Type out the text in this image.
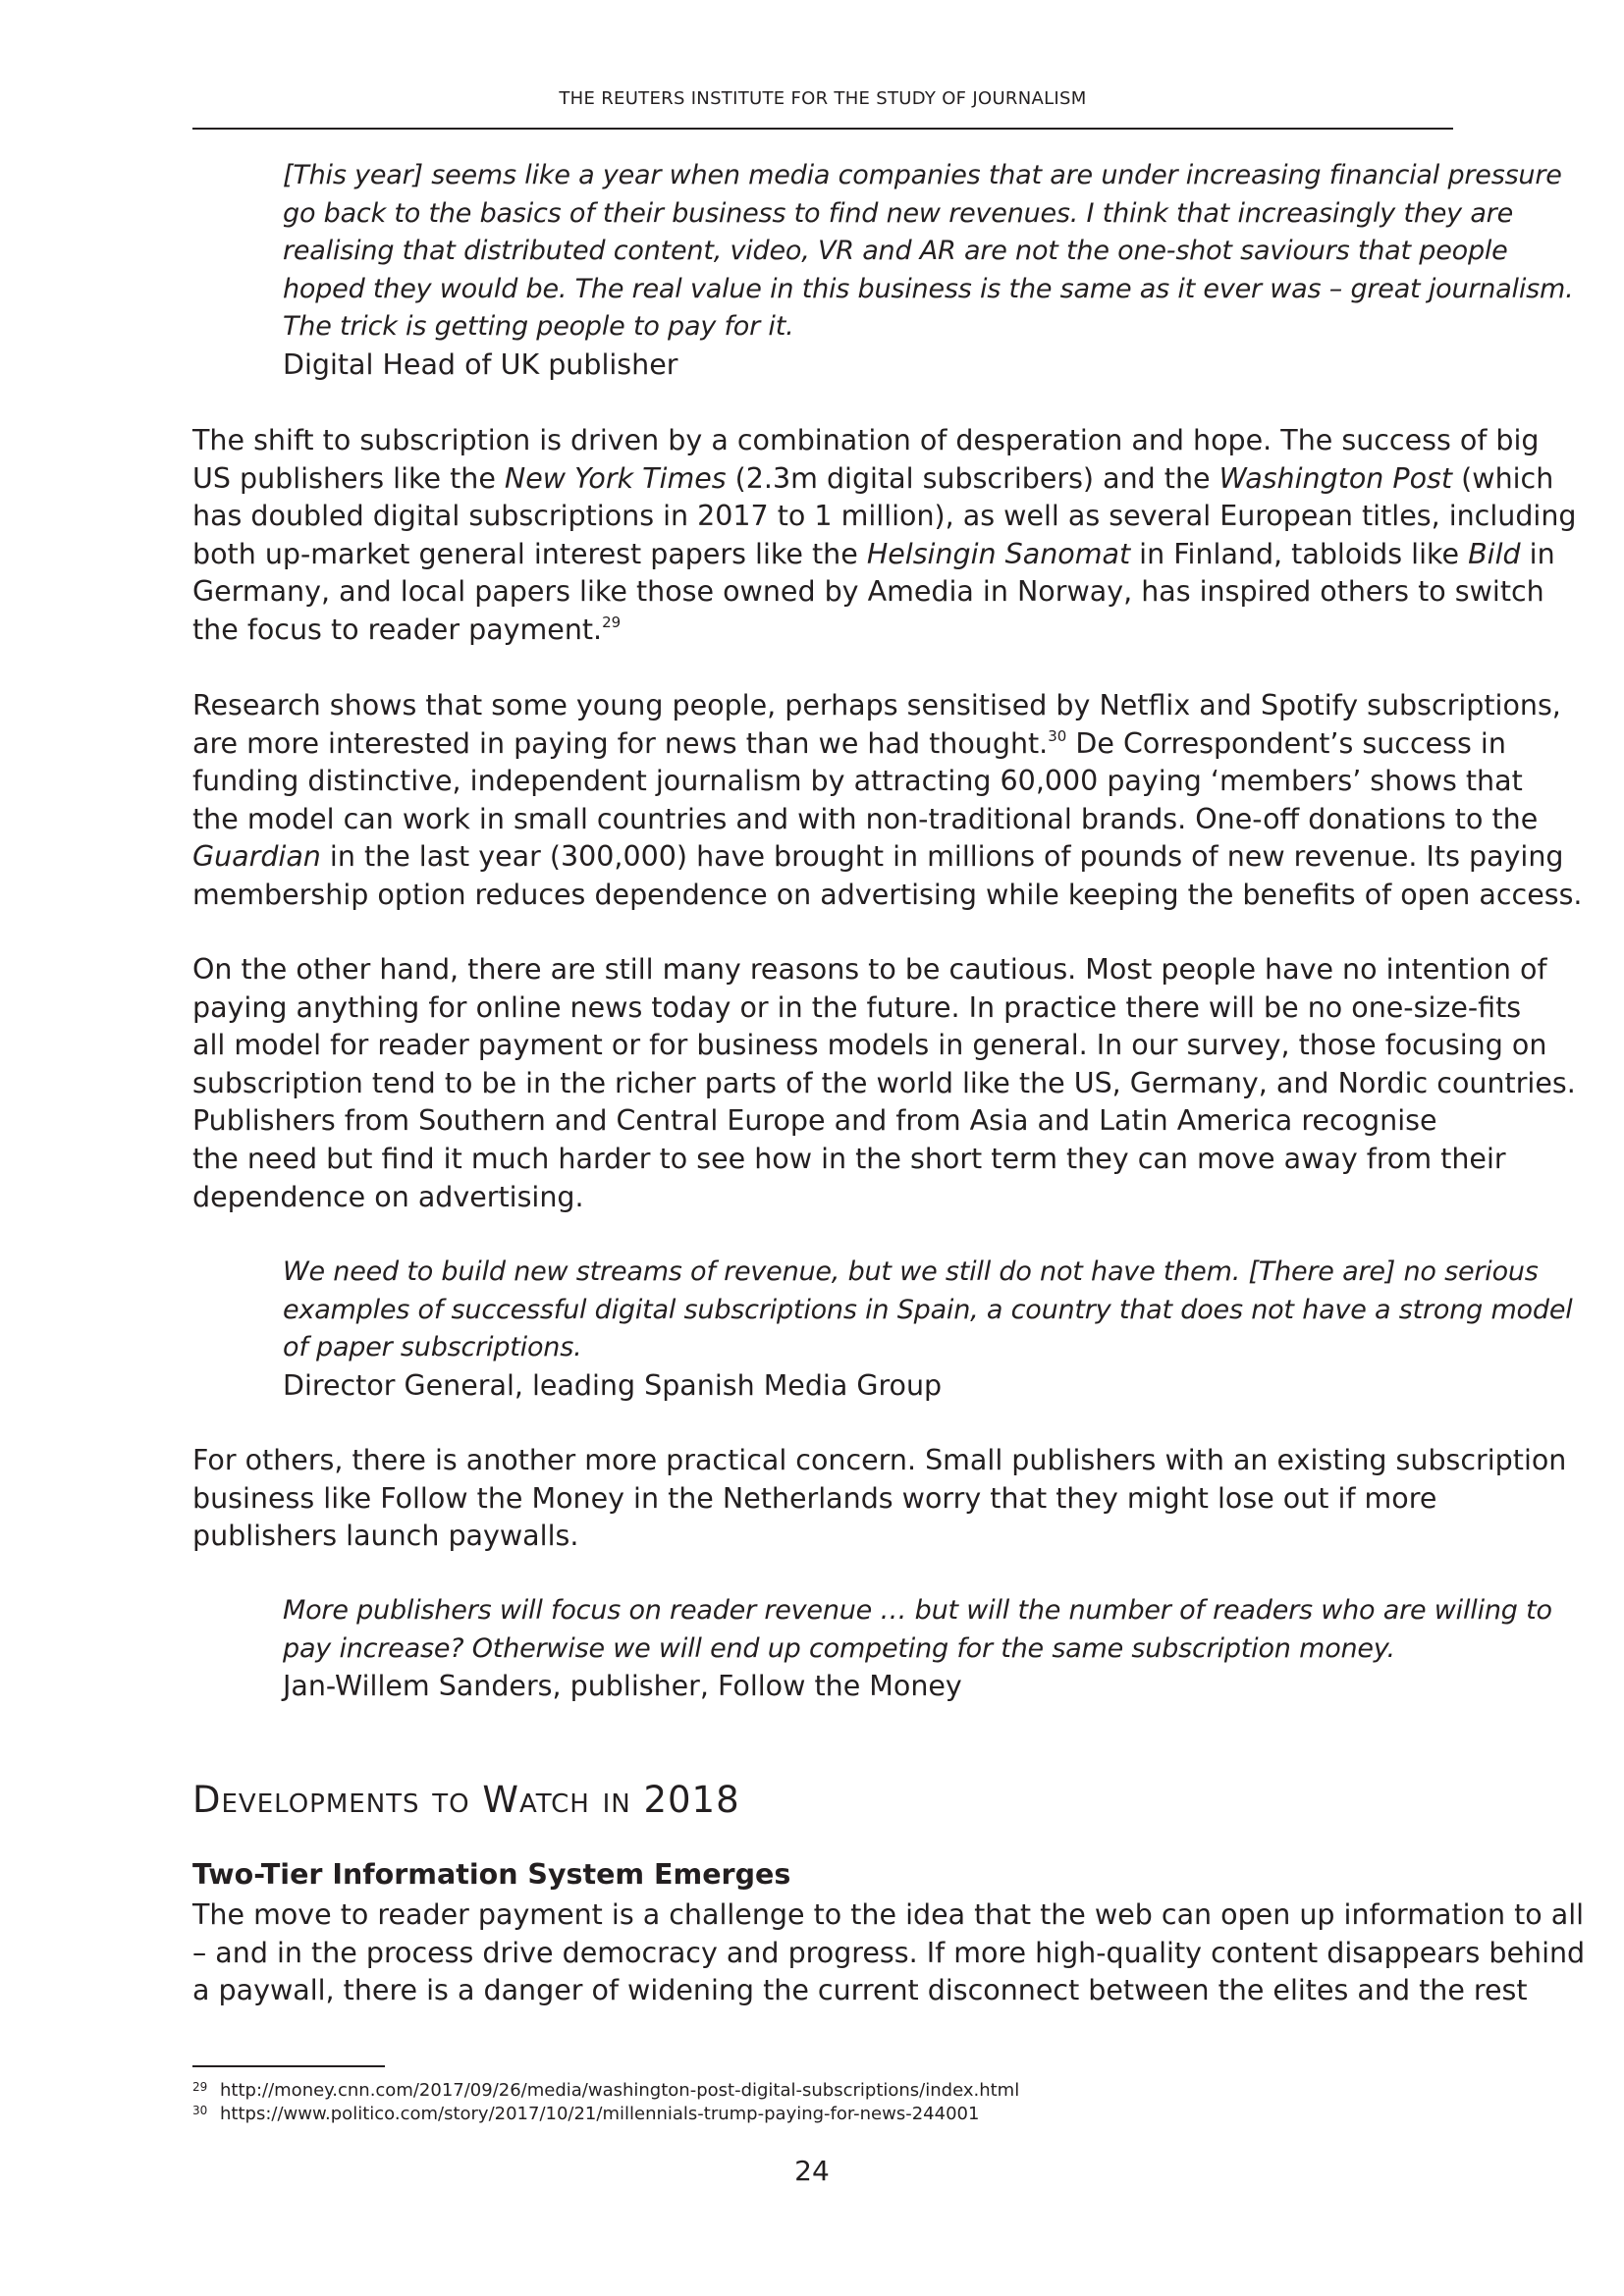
THE REUTERS INSTITUTE FOR THE STUDY OF JOURNALISM
[This year] seems like a year when media companies that are under increasing financial pressure
go back to the basics of their business to find new revenues. I think that increasingly they are
realising that distributed content, video, VR and AR are not the one-shot saviours that people
hoped they would be. The real value in this business is the same as it ever was – great journalism.
The trick is getting people to pay for it.
Digital Head of UK publisher
The shift to subscription is driven by a combination of desperation and hope. The success of big
US publishers like the New York Times (2.3m digital subscribers) and the Washington Post (which
has doubled digital subscriptions in 2017 to 1 million), as well as several European titles, including
both up-market general interest papers like the Helsingin Sanomat in Finland, tabloids like Bild in
Germany, and local papers like those owned by Amedia in Norway, has inspired others to switch
the focus to reader payment.$^{29}$
Research shows that some young people, perhaps sensitised by Netflix and Spotify subscriptions,
are more interested in paying for news than we had thought.$^{30}$ De Correspondent’s success in
funding distinctive, independent journalism by attracting 60,000 paying ‘members’ shows that
the model can work in small countries and with non-traditional brands. One-off donations to the
Guardian in the last year (300,000) have brought in millions of pounds of new revenue. Its paying
membership option reduces dependence on advertising while keeping the benefits of open access.
On the other hand, there are still many reasons to be cautious. Most people have no intention of
paying anything for online news today or in the future. In practice there will be no one-size-fits
all model for reader payment or for business models in general. In our survey, those focusing on
subscription tend to be in the richer parts of the world like the US, Germany, and Nordic countries.
Publishers from Southern and Central Europe and from Asia and Latin America recognise
the need but find it much harder to see how in the short term they can move away from their
dependence on advertising.
We need to build new streams of revenue, but we still do not have them. [There are] no serious
examples of successful digital subscriptions in Spain, a country that does not have a strong model
of paper subscriptions.
Director General, leading Spanish Media Group
For others, there is another more practical concern. Small publishers with an existing subscription
business like Follow the Money in the Netherlands worry that they might lose out if more
publishers launch paywalls.
More publishers will focus on reader revenue … but will the number of readers who are willing to
pay increase? Otherwise we will end up competing for the same subscription money.
Jan-Willem Sanders, publisher, Follow the Money
Developments to Watch in 2018
Two-Tier Information System Emerges
The move to reader payment is a challenge to the idea that the web can open up information to all
– and in the process drive democracy and progress. If more high-quality content disappears behind
a paywall, there is a danger of widening the current disconnect between the elites and the rest
29 http://money.cnn.com/2017/09/26/media/washington-post-digital-subscriptions/index.html
30 https://www.politico.com/story/2017/10/21/millennials-trump-paying-for-news-244001
24
